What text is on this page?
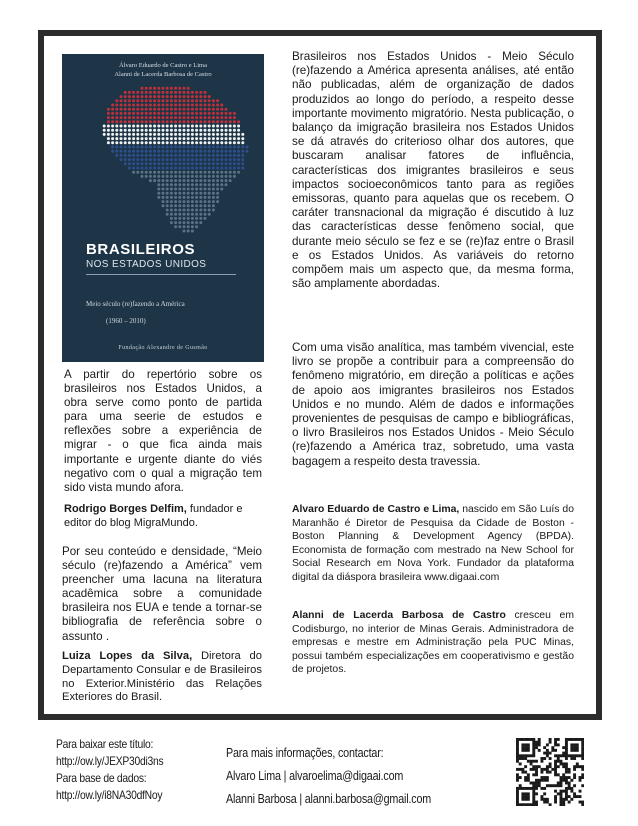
Álvaro Eduardo de Castro e Lima
Alanni de Lacerda Barbosa de Castro
BRASILEIROS
NOS ESTADOS UNIDOS
Meio século (re)fazendo a América
(1960 – 2010)
Fundação Alexandre de Gusmão

A partir do repertório sobre os brasileiros nos Estados Unidos, a obra serve como ponto de partida para uma seerie de estudos e reflexões sobre a experiência de migrar - o que fica ainda mais importante e urgente diante do viés negativo com o qual a migração tem sido vista mundo afora.

Rodrigo Borges Delfim, fundador e editor do blog MigraMundo.

Por seu conteúdo e densidade, “Meio século (re)fazendo a América” vem preencher uma lacuna na literatura acadêmica sobre a comunidade brasileira nos EUA e tende a tornar-se bibliografia de referência sobre o assunto .

Luiza Lopes da Silva, Diretora do Departamento Consular e de Brasileiros no Exterior.Ministério das Relações Exteriores do Brasil.

Brasileiros nos Estados Unidos - Meio Século (re)fazendo a América apresenta análises, até então não publicadas, além de organização de dados produzidos ao longo do período, a respeito desse importante movimento migratório. Nesta publicação, o balanço da imigração brasileira nos Estados Unidos se dá através do criterioso olhar dos autores, que buscaram analisar fatores de influência, características dos imigrantes brasileiros e seus impactos socioeconômicos tanto para as regiões emissoras, quanto para aquelas que os recebem. O caráter transnacional da migração é discutido à luz das características desse fenômeno social, que durante meio século se fez e se (re)faz entre o Brasil e os Estados Unidos. As variáveis do retorno compõem mais um aspecto que, da mesma forma, são amplamente abordadas.

Com uma visão analítica, mas também vivencial, este livro se propõe a contribuir para a compreensão do fenômeno migratório, em direção a políticas e ações de apoio aos imigrantes brasileiros nos Estados Unidos e no mundo. Além de dados e informações provenientes de pesquisas de campo e bibliográficas, o livro Brasileiros nos Estados Unidos - Meio Século (re)fazendo a América traz, sobretudo, uma vasta bagagem a respeito desta travessia.

Alvaro Eduardo de Castro e Lima, nascido em São Luís do Maranhão é Diretor de Pesquisa da Cidade de Boston - Boston Planning & Development Agency (BPDA). Economista de formação com mestrado na New School for Social Research em Nova York. Fundador da plataforma digital da diáspora brasileira www.digaai.com

Alanni de Lacerda Barbosa de Castro cresceu em Codisburgo, no interior de Minas Gerais. Administradora de empresas e mestre em Administração pela PUC Minas, possui também especializações em cooperativismo e gestão de projetos.

Para baixar este título:
http://ow.ly/JEXP30di3ns
Para base de dados:
http://ow.ly/i8NA30dfNoy
Para mais informações, contactar:
Alvaro Lima | alvaroelima@digaai.com
Alanni Barbosa | alanni.barbosa@gmail.com
